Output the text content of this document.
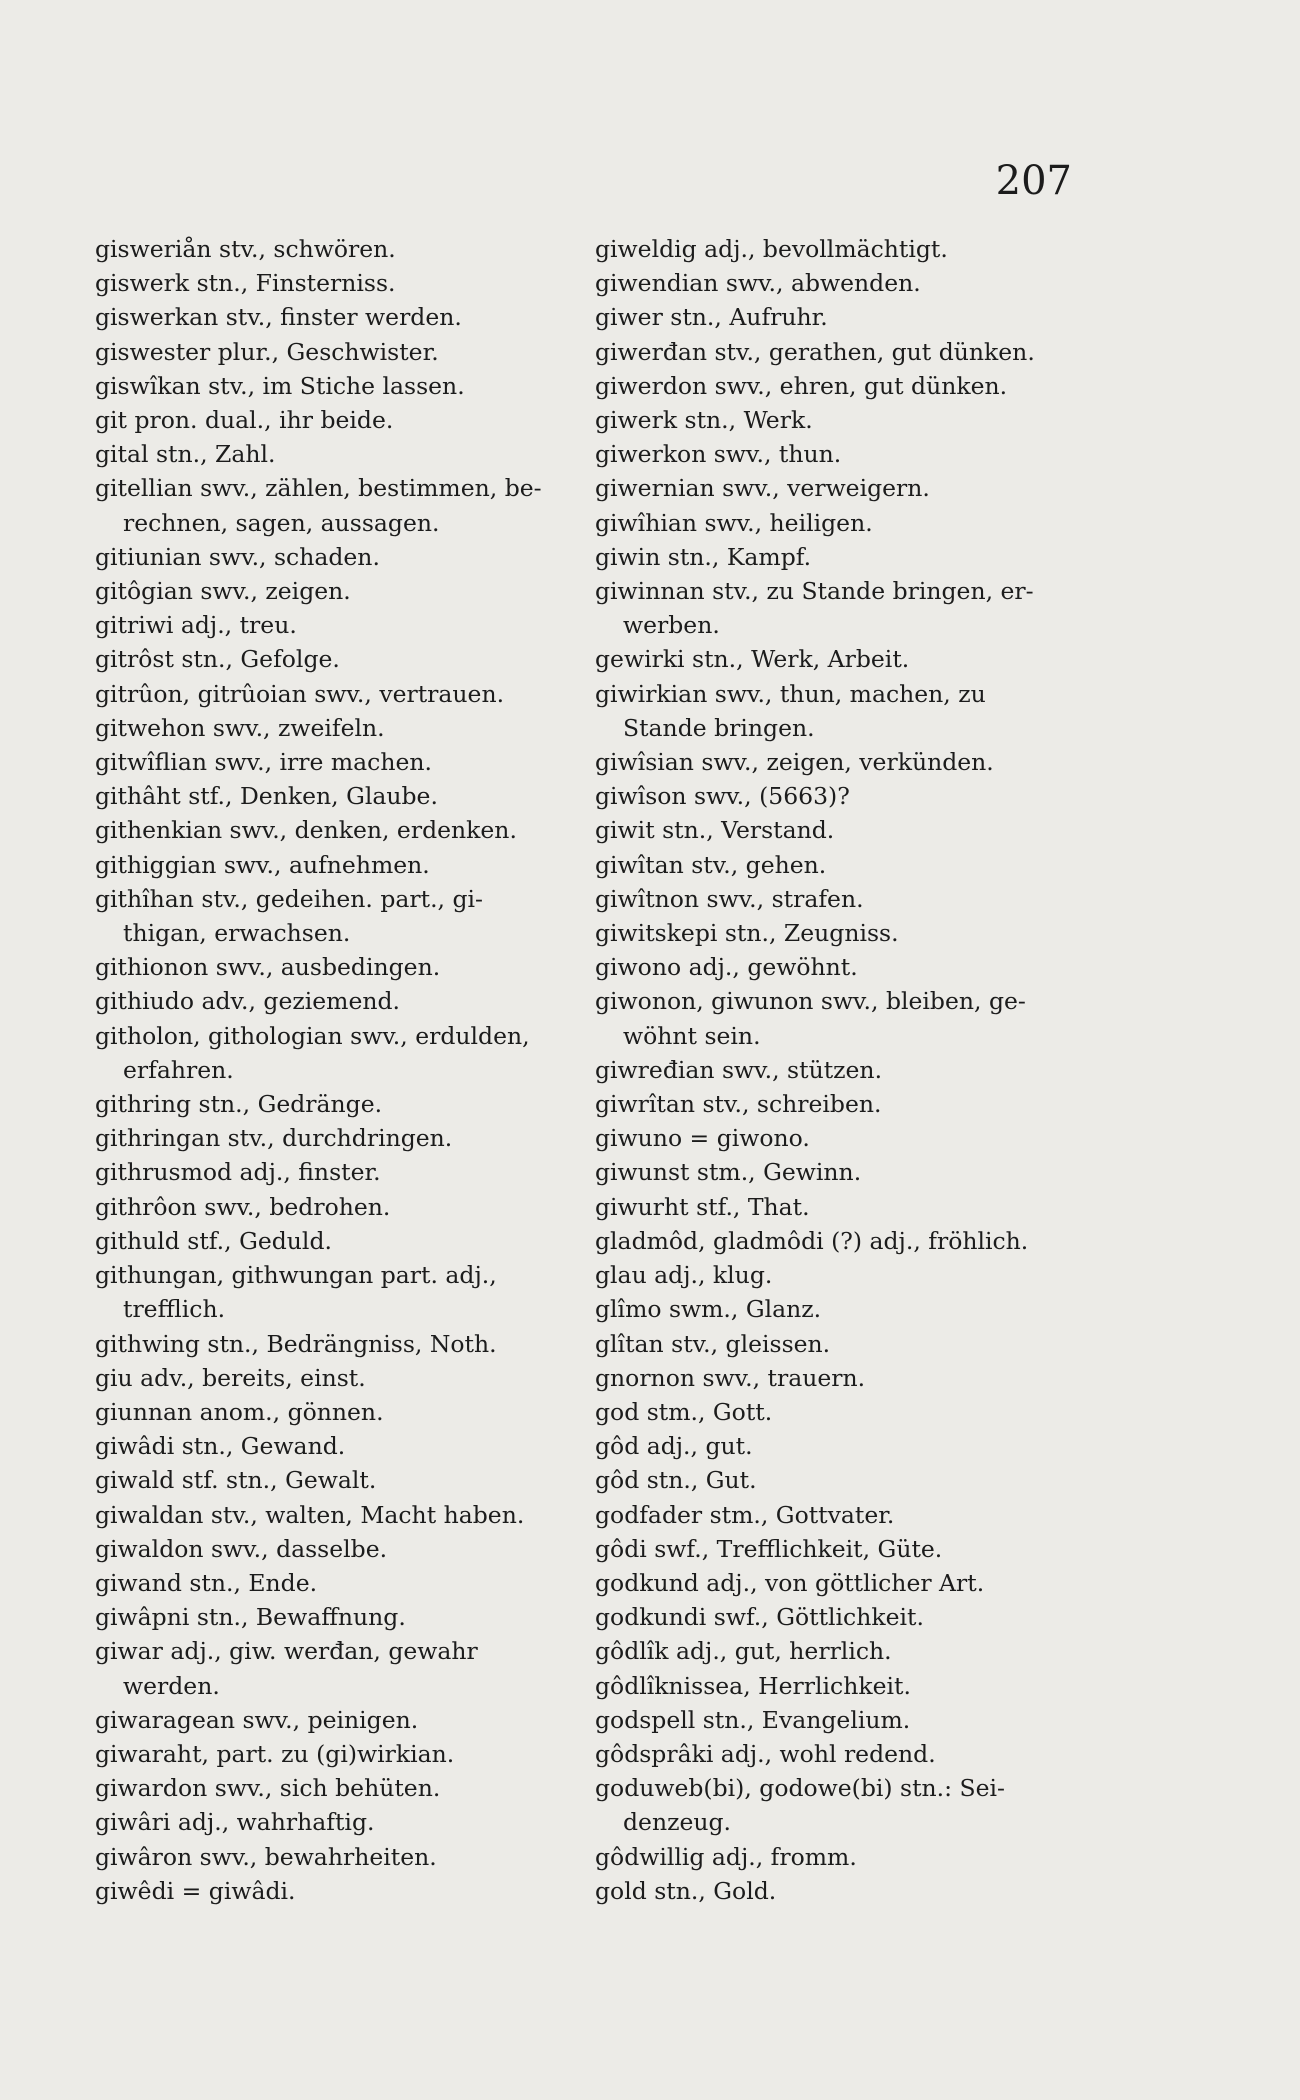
207
gisweriån stv., schwören.
giswerk stn., Finsterniss.
giswerkan stv., finster werden.
giswester plur., Geschwister.
giswîkan stv., im Stiche lassen.
git pron. dual., ihr beide.
gital stn., Zahl.
gitellian swv., zählen, bestimmen, be-
rechnen, sagen, aussagen.
gitiunian swv., schaden.
gitôgian swv., zeigen.
gitriwi adj., treu.
gitrôst stn., Gefolge.
gitrûon, gitrûoian swv., vertrauen.
gitwehon swv., zweifeln.
gitwîflian swv., irre machen.
githâht stf., Denken, Glaube.
githenkian swv., denken, erdenken.
githiggian swv., aufnehmen.
githîhan stv., gedeihen. part., gi-
thigan, erwachsen.
githionon swv., ausbedingen.
githiudo adv., geziemend.
githolon, githologian swv., erdulden,
erfahren.
githring stn., Gedränge.
githringan stv., durchdringen.
githrusmod adj., finster.
githrôon swv., bedrohen.
githuld stf., Geduld.
githungan, githwungan part. adj.,
trefflich.
githwing stn., Bedrängniss, Noth.
giu adv., bereits, einst.
giunnan anom., gönnen.
giwâdi stn., Gewand.
giwald stf. stn., Gewalt.
giwaldan stv., walten, Macht haben.
giwaldon swv., dasselbe.
giwand stn., Ende.
giwâpni stn., Bewaffnung.
giwar adj., giw. werđan, gewahr
werden.
giwaragean swv., peinigen.
giwaraht, part. zu (gi)wirkian.
giwardon swv., sich behüten.
giwâri adj., wahrhaftig.
giwâron swv., bewahrheiten.
giwêdi = giwâdi.
giweldig adj., bevollmächtigt.
giwendian swv., abwenden.
giwer stn., Aufruhr.
giwerđan stv., gerathen, gut dünken.
giwerdon swv., ehren, gut dünken.
giwerk stn., Werk.
giwerkon swv., thun.
giwernian swv., verweigern.
giwîhian swv., heiligen.
giwin stn., Kampf.
giwinnan stv., zu Stande bringen, er-
werben.
gewirki stn., Werk, Arbeit.
giwirkian swv., thun, machen, zu
Stande bringen.
giwîsian swv., zeigen, verkünden.
giwîson swv., (5663)?
giwit stn., Verstand.
giwîtan stv., gehen.
giwîtnon swv., strafen.
giwitskepi stn., Zeugniss.
giwono adj., gewöhnt.
giwonon, giwunon swv., bleiben, ge-
wöhnt sein.
giwređian swv., stützen.
giwrîtan stv., schreiben.
giwuno = giwono.
giwunst stm., Gewinn.
giwurht stf., That.
gladmôd, gladmôdi (?) adj., fröhlich.
glau adj., klug.
glîmo swm., Glanz.
glîtan stv., gleissen.
gnornon swv., trauern.
god stm., Gott.
gôd adj., gut.
gôd stn., Gut.
godfader stm., Gottvater.
gôdi swf., Trefflichkeit, Güte.
godkund adj., von göttlicher Art.
godkundi swf., Göttlichkeit.
gôdlîk adj., gut, herrlich.
gôdlîknissea, Herrlichkeit.
godspell stn., Evangelium.
gôdsprâki adj., wohl redend.
goduweb(bi), godowe(bi) stn.: Sei-
denzeug.
gôdwillig adj., fromm.
gold stn., Gold.
